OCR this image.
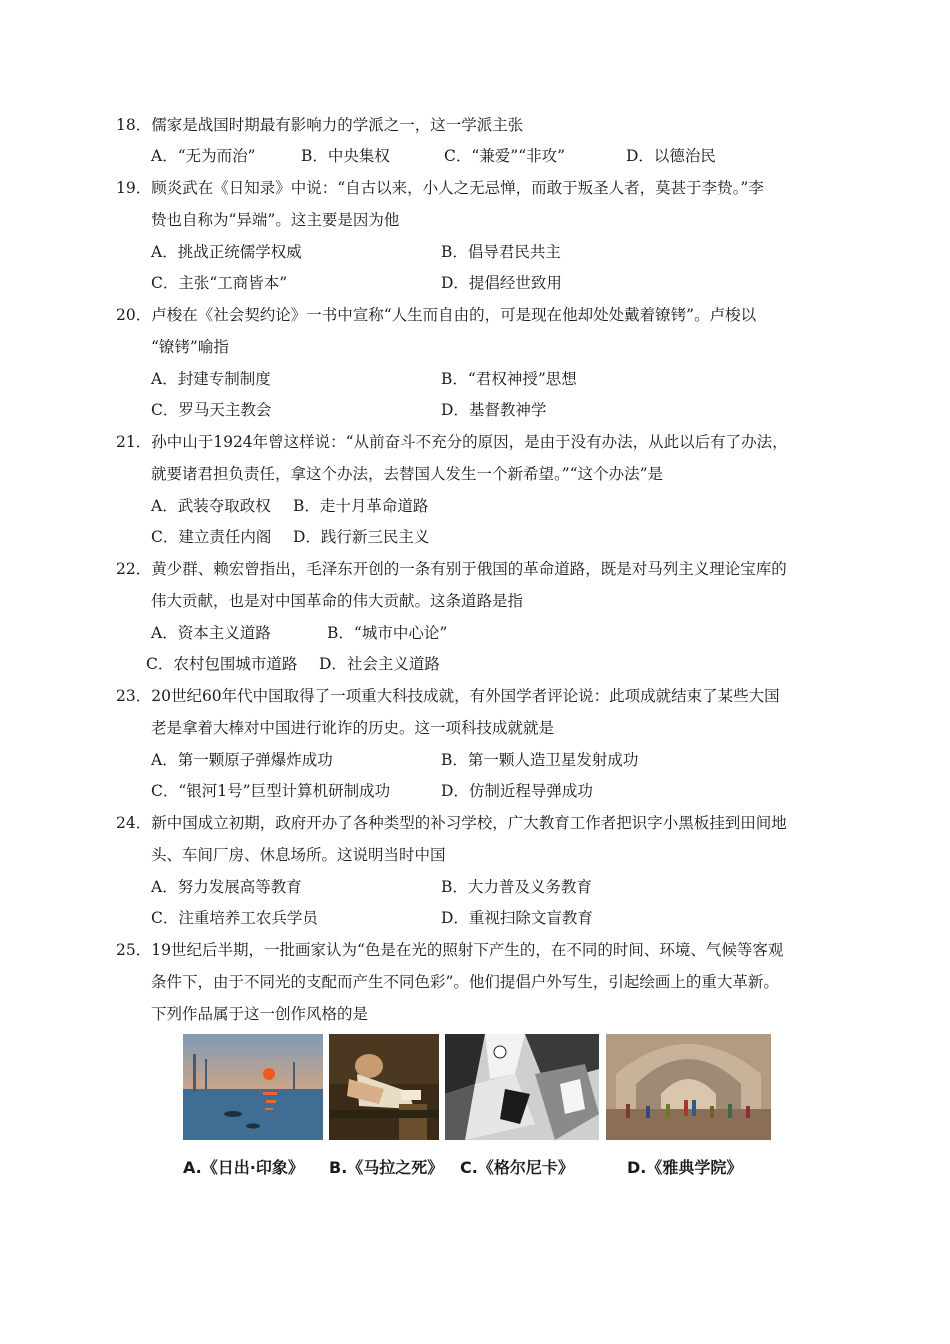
18．儒家是战国时期最有影响力的学派之一，这一学派主张
A．“无为而治”	B．中央集权	C．“兼爱”“非攻”	D．以德治民
19．顾炎武在《日知录》中说：“自古以来，小人之无忌惮，而敢于叛圣人者，莫甚于李贽。”李
贽也自称为“异端”。这主要是因为他
A．挑战正统儒学权威	B．倡导君民共主
C．主张“工商皆本”	D．提倡经世致用
20．卢梭在《社会契约论》一书中宣称“人生而自由的，可是现在他却处处戴着镣铐”。卢梭以
“镣铐”喻指
A．封建专制制度	B．“君权神授”思想
C．罗马天主教会	D．基督教神学
21．孙中山于1924年曾这样说：“从前奋斗不充分的原因，是由于没有办法，从此以后有了办法，
就要诸君担负责任，拿这个办法，去替国人发生一个新希望。”“这个办法”是
A．武装夺取政权 B．走十月革命道路
C．建立责任内阁 D．践行新三民主义
22．黄少群、赖宏曾指出，毛泽东开创的一条有别于俄国的革命道路，既是对马列主义理论宝库的
伟大贡献，也是对中国革命的伟大贡献。这条道路是指
A．资本主义道路	B．“城市中心论”
C．农村包围城市道路 D．社会主义道路
23．20世纪60年代中国取得了一项重大科技成就，有外国学者评论说：此项成就结束了某些大国
老是拿着大棒对中国进行讹诈的历史。这一项科技成就就是
A．第一颗原子弹爆炸成功	B．第一颗人造卫星发射成功
C．“银河1号”巨型计算机研制成功	D．仿制近程导弹成功
24．新中国成立初期，政府开办了各种类型的补习学校，广大教育工作者把识字小黑板挂到田间地
头、车间厂房、休息场所。这说明当时中国
A．努力发展高等教育	B．大力普及义务教育
C．注重培养工农兵学员	D．重视扫除文盲教育
25．19世纪后半期，一批画家认为“色是在光的照射下产生的，在不同的时间、环境、气候等客观
条件下，由于不同光的支配而产生不同色彩”。他们提倡户外写生，引起绘画上的重大革新。
下列作品属于这一创作风格的是
A.《日出·印象》 B.《马拉之死》 C.《格尔尼卡》	D.《雅典学院》
